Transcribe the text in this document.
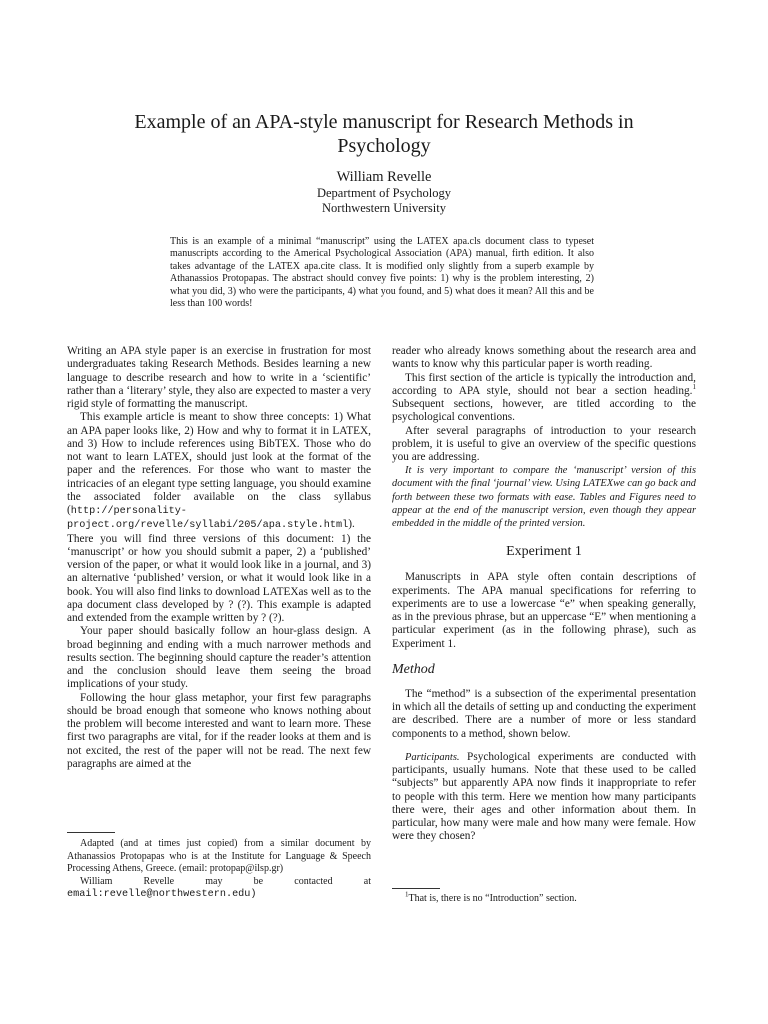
Example of an APA-style manuscript for Research Methods in Psychology
William Revelle
Department of Psychology
Northwestern University

This is an example of a minimal “manuscript” using the LATEX apa.cls document class to typeset manuscripts according to the Americal Psychological Association (APA) manual, firth edition. It also takes advantage of the LATEX apa.cite class. It is modified only slightly from a superb example by Athanassios Protopapas. The abstract should convey five points: 1) why is the problem interesting, 2) what you did, 3) who were the participants, 4) what you found, and 5) what does it mean? All this and be less than 100 words!

Writing an APA style paper is an exercise in frustration for most undergraduates taking Research Methods. Besides learning a new language to describe research and how to write in a ‘scientific’ rather than a ‘literary’ style, they also are expected to master a very rigid style of formatting the manuscript.

This example article is meant to show three concepts: 1) What an APA paper looks like, 2) How and why to format it in LATEX, and 3) How to include references using BibTEX. Those who do not want to learn LATEX, should just look at the format of the paper and the references. For those who want to master the intricacies of an elegant type setting language, you should examine the associated folder available on the class syllabus (http://personality-project.org/revelle/syllabi/205/apa.style.html). There you will find three versions of this document: 1) the ‘manuscript’ or how you should submit a paper, 2) a ‘published’ version of the paper, or what it would look like in a journal, and 3) an alternative ‘published’ version, or what it would look like in a book. You will also find links to download LATEXas well as to the apa document class developed by ? (?). This example is adapted and extended from the example written by ? (?).

Your paper should basically follow an hour-glass design. A broad beginning and ending with a much narrower methods and results section. The beginning should capture the reader’s attention and the conclusion should leave them seeing the broad implications of your study.

Following the hour glass metaphor, your first few paragraphs should be broad enough that someone who knows nothing about the problem will become interested and want to learn more. These first two paragraphs are vital, for if the reader looks at them and is not excited, the rest of the paper will not be read. The next few paragraphs are aimed at the

Adapted (and at times just copied) from a similar document by Athanassios Protopapas who is at the Institute for Language & Speech Processing Athens, Greece. (email: protopap@ilsp.gr)

William Revelle may be contacted at email:revelle@northwestern.edu)

reader who already knows something about the research area and wants to know why this particular paper is worth reading.

This first section of the article is typically the introduction and, according to APA style, should not bear a section heading.$^1$ Subsequent sections, however, are titled according to the psychological conventions.

After several paragraphs of introduction to your research problem, it is useful to give an overview of the specific questions you are addressing.

It is very important to compare the ‘manuscript’ version of this document with the final ‘journal’ view. Using LATEXwe can go back and forth between these two formats with ease. Tables and Figures need to appear at the end of the manuscript version, even though they appear embedded in the middle of the printed version.

Experiment 1

Manuscripts in APA style often contain descriptions of experiments. The APA manual specifications for referring to experiments are to use a lowercase “e” when speaking generally, as in the previous phrase, but an uppercase “E” when mentioning a particular experiment (as in the following phrase), such as Experiment 1.

Method

The “method” is a subsection of the experimental presentation in which all the details of setting up and conducting the experiment are described. There are a number of more or less standard components to a method, shown below.

Participants. Psychological experiments are conducted with participants, usually humans. Note that these used to be called “subjects” but apparently APA now finds it inappropriate to refer to people with this term. Here we mention how many participants there were, their ages and other information about them. In particular, how many were male and how many were female. How were they chosen?

$^1$That is, there is no “Introduction” section.
